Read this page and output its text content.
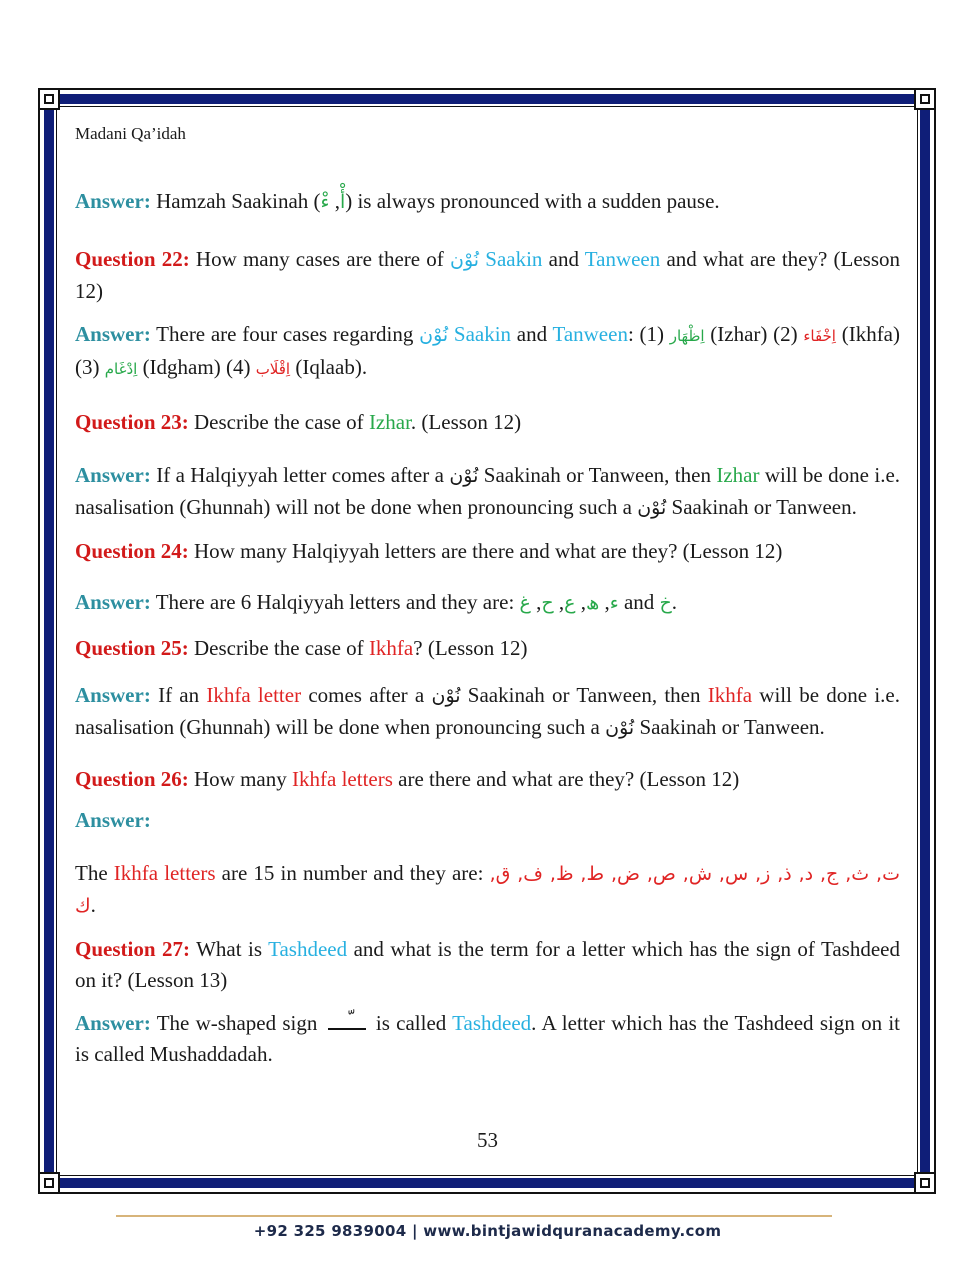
Madani Qa’idah

Answer: Hamzah Saakinah ( أْ, ءْ ) is always pronounced with a sudden pause.

Question 22: How many cases are there of نُوْن Saakin and Tanween and what are they? (Lesson 12)

Answer: There are four cases regarding نُوْن Saakin and Tanween: (1) اِظْهَار (Izhar) (2) اِخْفَاء (Ikhfa) (3) اِدْغَام (Idgham) (4) اِقْلَاب (Iqlaab).

Question 23: Describe the case of Izhar. (Lesson 12)

Answer: If a Halqiyyah letter comes after a نُوْن Saakinah or Tanween, then Izhar will be done i.e. nasalisation (Ghunnah) will not be done when pronouncing such a نُوْن Saakinah or Tanween.

Question 24: How many Halqiyyah letters are there and what are they? (Lesson 12)

Answer: There are 6 Halqiyyah letters and they are:	ء, ھ, ع, ح, غ	and خ.

Question 25: Describe the case of Ikhfa? (Lesson 12)

Answer: If an Ikhfa letter comes after a نُوْن Saakinah or Tanween, then Ikhfa will be done i.e. nasalisation (Ghunnah) will be done when pronouncing such a نُوْن Saakinah or Tanween.

Question 26: How many Ikhfa letters are there and what are they? (Lesson 12)

Answer:

The Ikhfa letters are 15 in number and they are: ت, ث, ج, د, ذ, ز, س, ش, ص, ض, ط, ظ, ف, ق, ك.

Question 27: What is Tashdeed and what is the term for a letter which has the sign of Tashdeed on it? (Lesson 13)

Answer: The w-shaped sign  is called Tashdeed. A letter which has the Tashdeed sign on it is called Mushaddadah.

53
+92 325 9839004 | www.bintjawidquranacademy.com
